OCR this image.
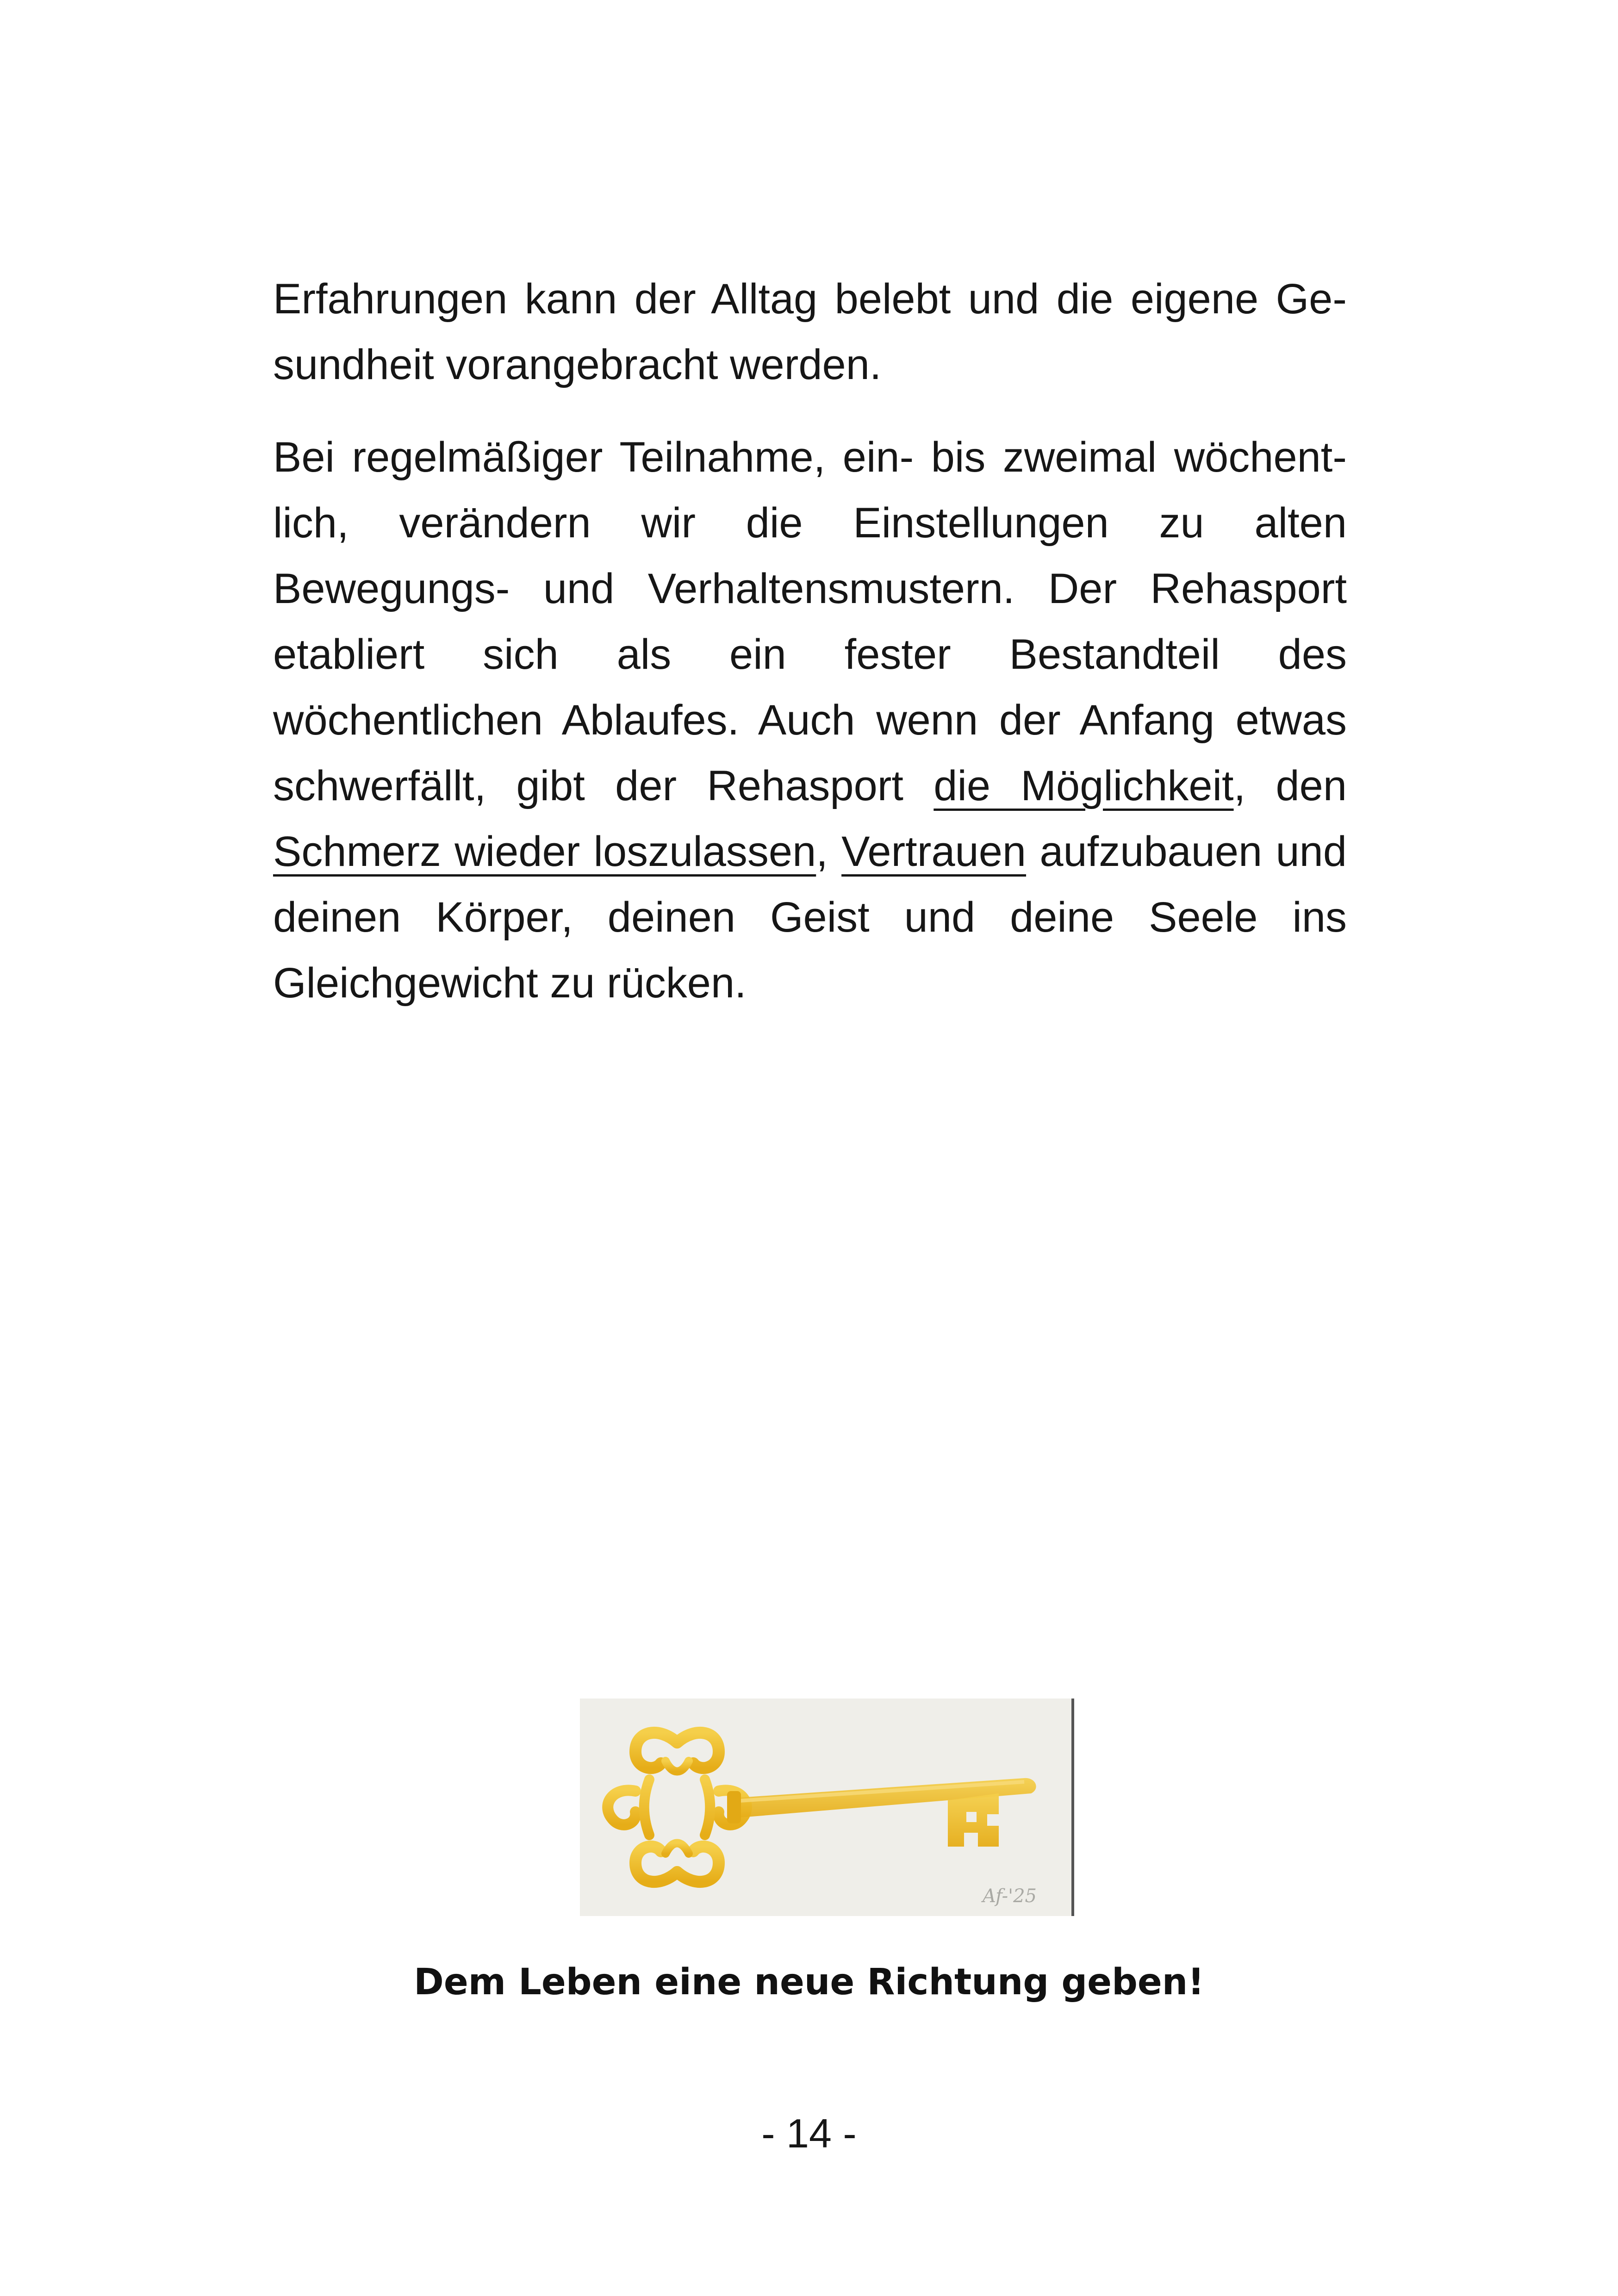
Erfahrungen kann der Alltag belebt und die eigene Gesundheit vorangebracht werden.

Bei regelmäßiger Teilnahme, ein- bis zweimal wöchentlich, verändern wir die Einstellungen zu alten Bewegungs- und Verhaltensmustern. Der Rehasport etabliert sich als ein fester Bestandteil des wöchentlichen Ablaufes. Auch wenn der Anfang etwas schwerfällt, gibt der Rehasport die Möglichkeit, den Schmerz wieder loszulassen, Vertrauen aufzubauen und deinen Körper, deinen Geist und deine Seele ins Gleichgewicht zu rücken.

Af-'25
Dem Leben eine neue Richtung geben!
- 14 -
